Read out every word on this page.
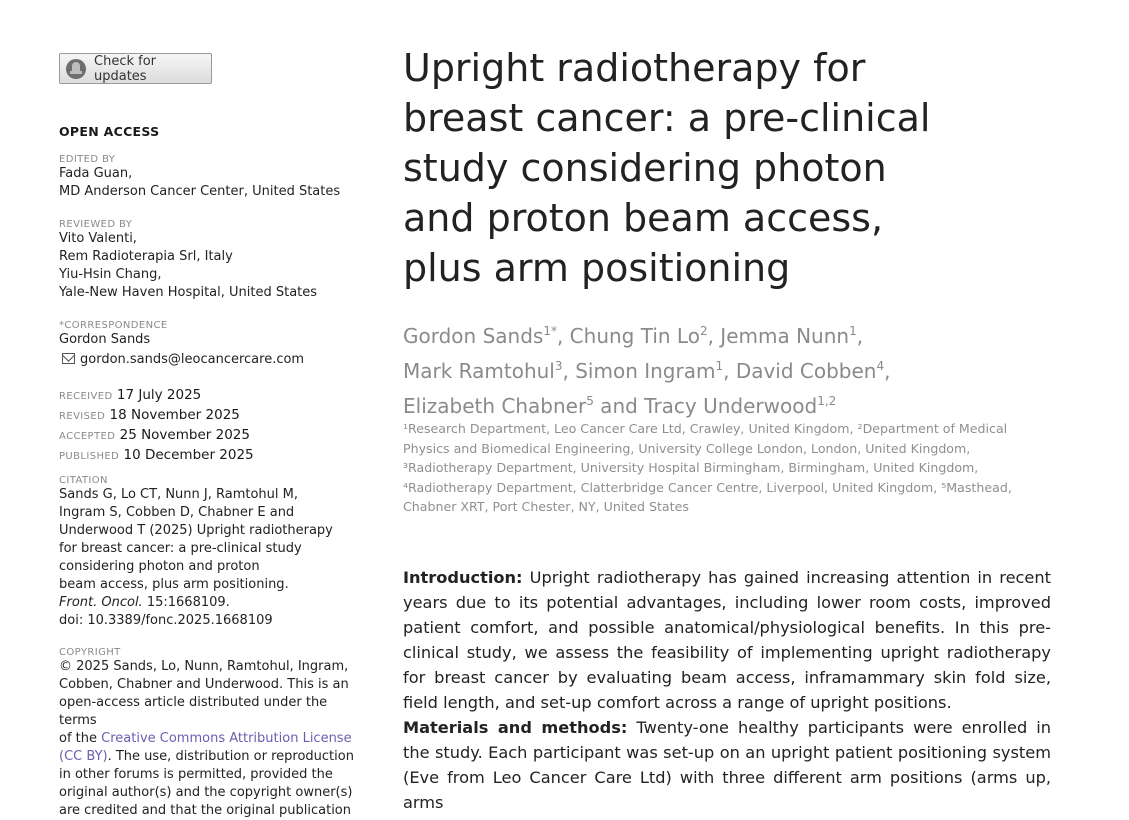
Check for updates
OPEN ACCESS
EDITED BY
Fada Guan,
MD Anderson Cancer Center, United States
REVIEWED BY
Vito Valenti,
Rem Radioterapia Srl, Italy
Yiu-Hsin Chang,
Yale-New Haven Hospital, United States
*CORRESPONDENCE
Gordon Sands
gordon.sands@leocancercare.com
RECEIVED 17 July 2025
REVISED 18 November 2025
ACCEPTED 25 November 2025
PUBLISHED 10 December 2025
CITATION
Sands G, Lo CT, Nunn J, Ramtohul M,
Ingram S, Cobben D, Chabner E and
Underwood T (2025) Upright radiotherapy
for breast cancer: a pre-clinical study
considering photon and proton
beam access, plus arm positioning.
Front. Oncol. 15:1668109.
doi: 10.3389/fonc.2025.1668109
COPYRIGHT
© 2025 Sands, Lo, Nunn, Ramtohul, Ingram,
Cobben, Chabner and Underwood. This is an
open-access article distributed under the terms
of the Creative Commons Attribution License
(CC BY). The use, distribution or reproduction
in other forums is permitted, provided the
original author(s) and the copyright owner(s)
are credited and that the original publication
Upright radiotherapy for
breast cancer: a pre-clinical
study considering photon
and proton beam access,
plus arm positioning
Gordon Sands$^{1*}$, Chung Tin Lo$^2$, Jemma Nunn$^1$,
Mark Ramtohul$^3$, Simon Ingram$^1$, David Cobben$^4$,
Elizabeth Chabner$^5$ and Tracy Underwood$^{1,2}$
¹Research Department, Leo Cancer Care Ltd, Crawley, United Kingdom, ²Department of Medical
Physics and Biomedical Engineering, University College London, London, United Kingdom,
³Radiotherapy Department, University Hospital Birmingham, Birmingham, United Kingdom,
⁴Radiotherapy Department, Clatterbridge Cancer Centre, Liverpool, United Kingdom, ⁵Masthead,
Chabner XRT, Port Chester, NY, United States

Introduction: Upright radiotherapy has gained increasing attention in recent years due to its potential advantages, including lower room costs, improved patient comfort, and possible anatomical/physiological benefits. In this pre-clinical study, we assess the feasibility of implementing upright radiotherapy for breast cancer by evaluating beam access, inframammary skin fold size, field length, and set-up comfort across a range of upright positions.

Materials and methods: Twenty-one healthy participants were enrolled in the study. Each participant was set-up on an upright patient positioning system (Eve from Leo Cancer Care Ltd) with three different arm positions (arms up, arms
